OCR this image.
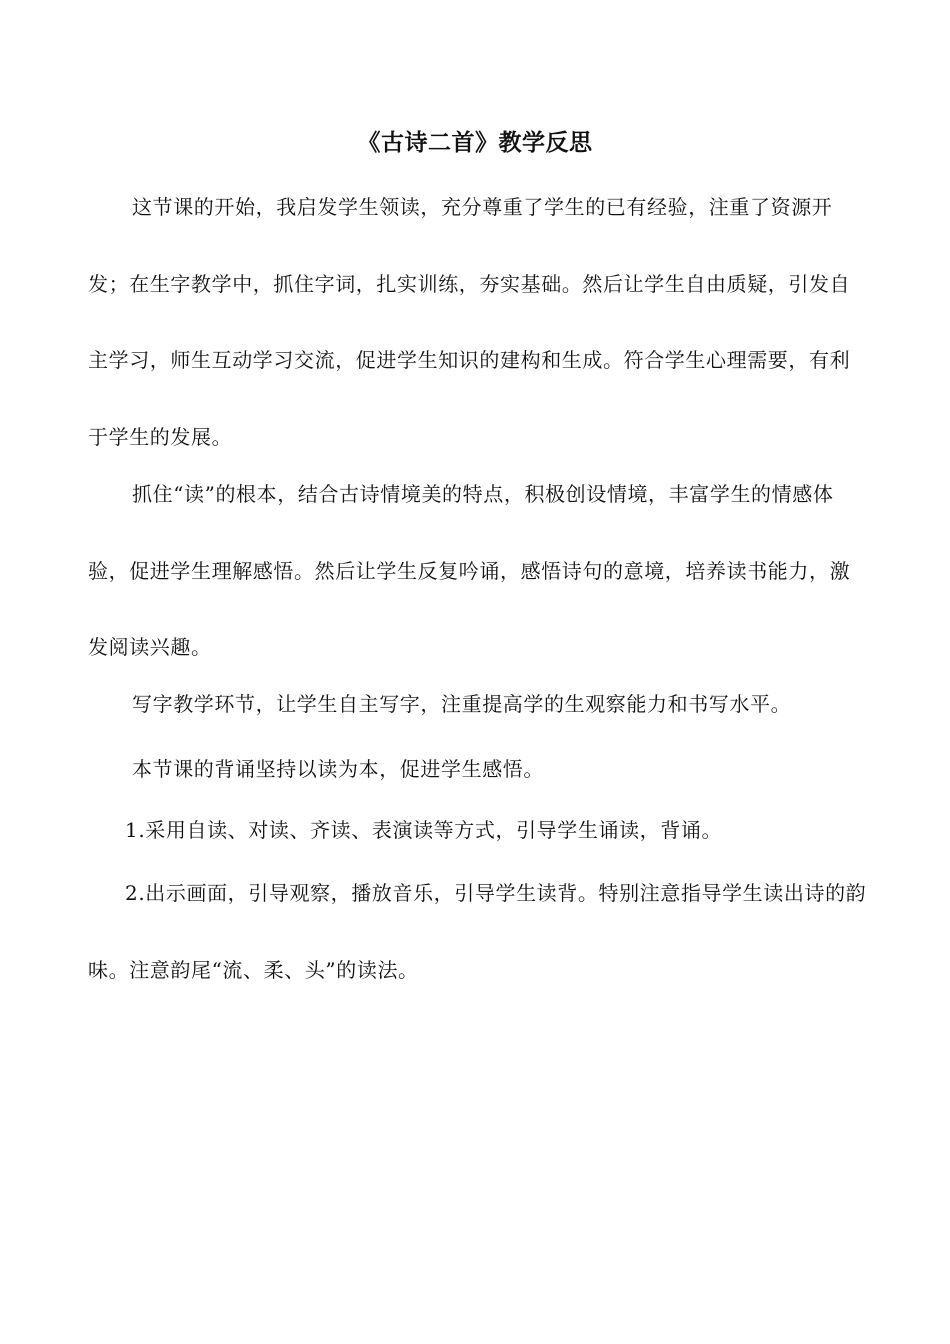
《古诗二首》教学反思

这节课的开始，我启发学生领读，充分尊重了学生的已有经验，注重了资源开发；在生字教学中，抓住字词，扎实训练，夯实基础。然后让学生自由质疑，引发自主学习，师生互动学习交流，促进学生知识的建构和生成。符合学生心理需要，有利于学生的发展。

抓住“读”的根本，结合古诗情境美的特点，积极创设情境，丰富学生的情感体验，促进学生理解感悟。然后让学生反复吟诵，感悟诗句的意境，培养读书能力，激发阅读兴趣。

写字教学环节，让学生自主写字，注重提高学的生观察能力和书写水平。

本节课的背诵坚持以读为本，促进学生感悟。

1.采用自读、对读、齐读、表演读等方式，引导学生诵读，背诵。

2.出示画面，引导观察，播放音乐，引导学生读背。特别注意指导学生读出诗的韵味。注意韵尾“流、柔、头”的读法。
